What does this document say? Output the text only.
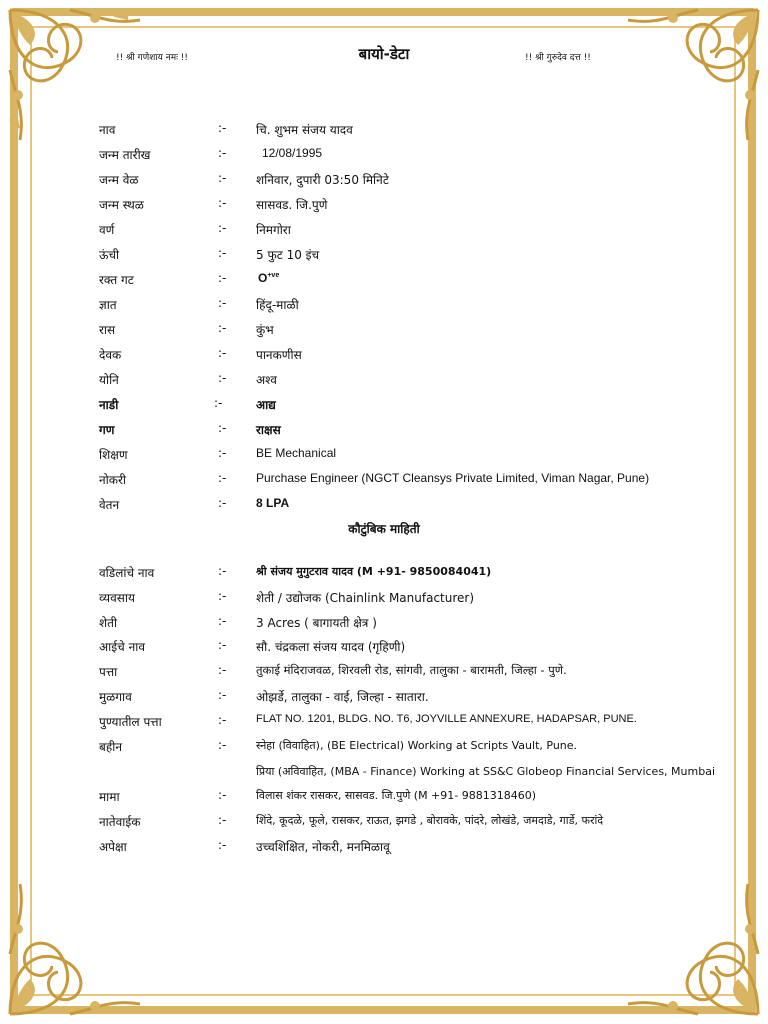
!! श्री गणेशाय नमः !!	बायो-डेटा	!! श्री गुरुदेव दत्त !!
नाव	:- चि. शुभम संजय यादव
जन्म तारीख	:-	12/08/1995
जन्म वेळ	:- शनिवार, दुपारी 03:50 मिनिटे
जन्म स्थळ	:- सासवड. जि.पुणे
वर्ण	:- निमगोरा
ऊंची	:- 5 फुट 10 इंच
रक्त गट	:-	$O^{+ve}$
ज्ञात	:- हिंदू-माळी
रास	:- कुंभ
देवक	:- पानकणीस
योनि	:- अश्व
नाडी	:-	आद्य
गण	:- राक्षस
शिक्षण	:- BE Mechanical
नोकरी	:- Purchase Engineer (NGCT Cleansys Private Limited, Viman Nagar, Pune)
वेतन	:- 8 LPA
कौटुंबिक माहिती
वडिलांचे नाव	:-	श्री संजय मुगुटराव यादव (M +91- 9850084041)
व्यवसाय	:- शेती / उद्योजक (Chainlink Manufacturer)
शेती	:- 3 Acres ( बागायती क्षेत्र )
आईचे नाव	:- सौ. चंद्रकला संजय यादव (गृहिणी)
पत्ता	:-	तुकाई मंदिराजवळ, शिरवली रोड, सांगवी, तालुका - बारामती, जिल्हा - पुणे.
मुळगाव	:- ओझर्डे, तालुका - वाई, जिल्हा - सातारा.
पुण्यातील पत्ता	:-	FLAT NO. 1201, BLDG. NO. T6, JOYVILLE ANNEXURE, HADAPSAR, PUNE.
बहीन	:-	स्नेहा (विवाहित), (BE Electrical) Working at Scripts Vault, Pune.
प्रिया (अविवाहित, (MBA - Finance) Working at SS&C Globeop Financial Services, Mumbai
मामा	:-	विलास शंकर रासकर, सासवड. जि.पुणे (M +91- 9881318460)
नातेवाईक	:-	शिंदे, कूदळे, फूले, रासकर, राऊत, झगडे , बोरावके, पांदरे, लोखंडे, जमदाडे, गार्डे, फरांदे
अपेक्षा	:- उच्चशिक्षित, नोकरी, मनमिळावू
